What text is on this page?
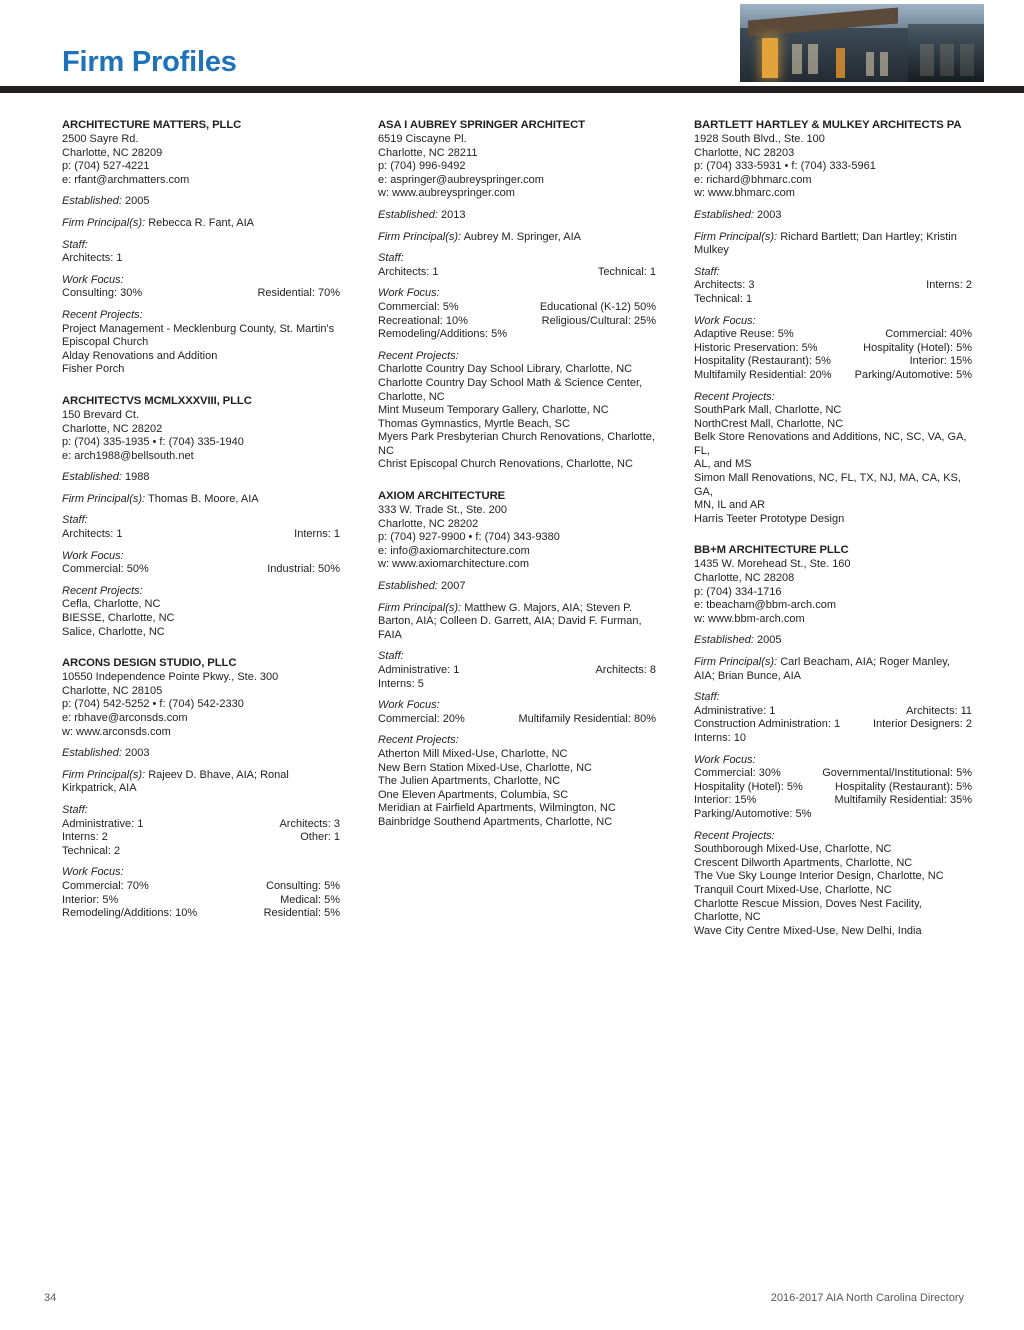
Firm Profiles
ARCHITECTURE MATTERS, PLLC
2500 Sayre Rd.
Charlotte, NC 28209
p: (704) 527-4221
e: rfant@archmatters.com
Established: 2005
Firm Principal(s): Rebecca R. Fant, AIA
Staff:
Architects: 1
Work Focus:
Consulting: 30%	Residential: 70%
Recent Projects:
Project Management - Mecklenburg County, St. Martin's
Episcopal Church
Alday Renovations and Addition
Fisher Porch
ARCHITECTVS MCMLXXXVIII, PLLC
150 Brevard Ct.
Charlotte, NC 28202
p: (704) 335-1935 • f: (704) 335-1940
e: arch1988@bellsouth.net
Established: 1988
Firm Principal(s): Thomas B. Moore, AIA
Staff:
Architects: 1	Interns: 1
Work Focus:
Commercial: 50%	Industrial: 50%
Recent Projects:
Cefla, Charlotte, NC
BIESSE, Charlotte, NC
Salice, Charlotte, NC
ARCONS DESIGN STUDIO, PLLC
10550 Independence Pointe Pkwy., Ste. 300
Charlotte, NC 28105
p: (704) 542-5252 • f: (704) 542-2330
e: rbhave@arconsds.com
w: www.arconsds.com
Established: 2003
Firm Principal(s): Rajeev D. Bhave, AIA; Ronal Kirkpatrick, AIA
Staff:
Administrative: 1	Architects: 3
Interns: 2	Other: 1
Technical: 2
Work Focus:
Commercial: 70%	Consulting: 5%
Interior: 5%	Medical: 5%
Remodeling/Additions: 10%	Residential: 5%
ASA I AUBREY SPRINGER ARCHITECT
6519 Ciscayne Pl.
Charlotte, NC 28211
p: (704) 996-9492
e: aspringer@aubreyspringer.com
w: www.aubreyspringer.com
Established: 2013
Firm Principal(s): Aubrey M. Springer, AIA
Staff:
Architects: 1	Technical: 1
Work Focus:
Commercial: 5%	Educational (K-12) 50%
Recreational: 10%	Religious/Cultural: 25%
Remodeling/Additions: 5%
Recent Projects:
Charlotte Country Day School Library, Charlotte, NC
Charlotte Country Day School Math & Science Center,
Charlotte, NC
Mint Museum Temporary Gallery, Charlotte, NC
Thomas Gymnastics, Myrtle Beach, SC
Myers Park Presbyterian Church Renovations, Charlotte, NC
Christ Episcopal Church Renovations, Charlotte, NC
AXIOM ARCHITECTURE
333 W. Trade St., Ste. 200
Charlotte, NC 28202
p: (704) 927-9900 • f: (704) 343-9380
e: info@axiomarchitecture.com
w: www.axiomarchitecture.com
Established: 2007
Firm Principal(s): Matthew G. Majors, AIA; Steven P. Barton, AIA; Colleen D. Garrett, AIA; David F. Furman, FAIA
Staff:
Administrative: 1	Architects: 8
Interns: 5
Work Focus:
Commercial: 20%	Multifamily Residential: 80%
Recent Projects:
Atherton Mill Mixed-Use, Charlotte, NC
New Bern Station Mixed-Use, Charlotte, NC
The Julien Apartments, Charlotte, NC
One Eleven Apartments, Columbia, SC
Meridian at Fairfield Apartments, Wilmington, NC
Bainbridge Southend Apartments, Charlotte, NC
BARTLETT HARTLEY & MULKEY ARCHITECTS PA
1928 South Blvd., Ste. 100
Charlotte, NC 28203
p: (704) 333-5931 • f: (704) 333-5961
e: richard@bhmarc.com
w: www.bhmarc.com
Established: 2003
Firm Principal(s): Richard Bartlett; Dan Hartley; Kristin Mulkey
Staff:
Architects: 3	Interns: 2
Technical: 1
Work Focus:
Adaptive Reuse: 5%	Commercial: 40%
Historic Preservation: 5%	Hospitality (Hotel): 5%
Hospitality (Restaurant): 5%	Interior: 15%
Multifamily Residential: 20% Parking/Automotive: 5%
Recent Projects:
SouthPark Mall, Charlotte, NC
NorthCrest Mall, Charlotte, NC
Belk Store Renovations and Additions, NC, SC, VA, GA, FL,
AL, and MS
Simon Mall Renovations, NC, FL, TX, NJ, MA, CA, KS, GA,
MN, IL and AR
Harris Teeter Prototype Design
BB+M ARCHITECTURE PLLC
1435 W. Morehead St., Ste. 160
Charlotte, NC 28208
p: (704) 334-1716
e: tbeacham@bbm-arch.com
w: www.bbm-arch.com
Established: 2005
Firm Principal(s): Carl Beacham, AIA; Roger Manley, AIA; Brian Bunce, AIA
Staff:
Administrative: 1	Architects: 11
Construction Administration: 1	Interior Designers: 2
Interns: 10
Work Focus:
Commercial: 30%	Governmental/Institutional: 5%
Hospitality (Hotel): 5%	Hospitality (Restaurant): 5%
Interior: 15%	Multifamily Residential: 35%
Parking/Automotive: 5%
Recent Projects:
Southborough Mixed-Use, Charlotte, NC
Crescent Dilworth Apartments, Charlotte, NC
The Vue Sky Lounge Interior Design, Charlotte, NC
Tranquil Court Mixed-Use, Charlotte, NC
Charlotte Rescue Mission, Doves Nest Facility, Charlotte, NC
Wave City Centre Mixed-Use, New Delhi, India
34	2016-2017 AIA North Carolina Directory
